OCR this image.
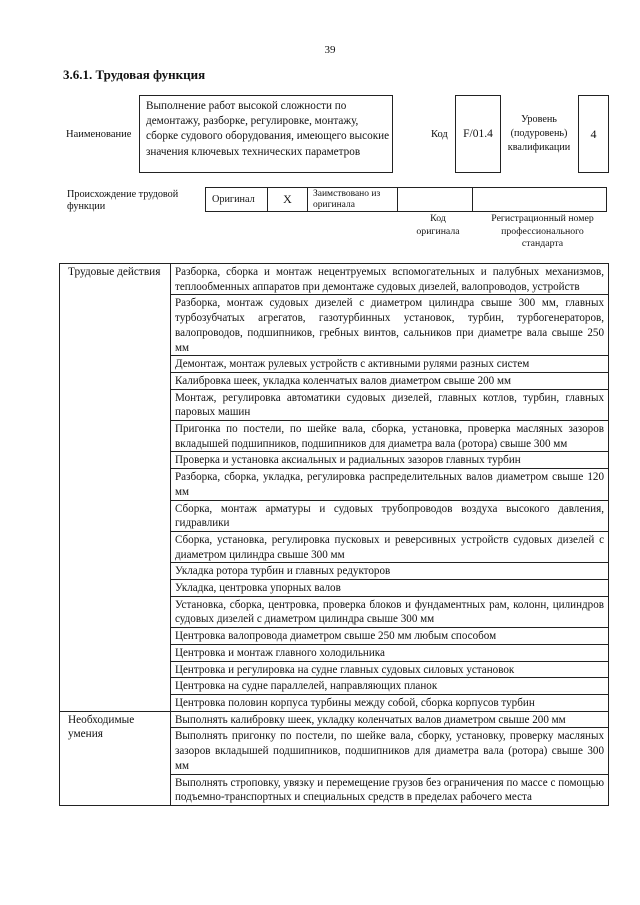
39
3.6.1. Трудовая функция
Наименование
Выполнение работ высокой сложности по демонтажу, разборке, регулировке, монтажу, сборке судового оборудования, имеющего высокие значения ключевых технических параметров
Код	F/01.4
Уровень (подуровень) квалификации
4
Происхождение трудовой функции
Оригинал	X	Заимствовано из оригинала
Код оригинала
Регистрационный номер профессионального стандарта
Трудовые действия	Разборка, сборка и монтаж нецентруемых вспомогательных и палубных механизмов, теплообменных аппаратов при демонтаже судовых дизелей, валопроводов, устройств
	Разборка, монтаж судовых дизелей с диаметром цилиндра свыше 300 мм, главных турбозубчатых агрегатов, газотурбинных установок, турбин, турбогенераторов, валопроводов, подшипников, гребных винтов, сальников при диаметре вала свыше 250 мм
	Демонтаж, монтаж рулевых устройств с активными рулями разных систем
	Калибровка шеек, укладка коленчатых валов диаметром свыше 200 мм
	Монтаж, регулировка автоматики судовых дизелей, главных котлов, турбин, главных паровых машин
	Пригонка по постели, по шейке вала, сборка, установка, проверка масляных зазоров вкладышей подшипников, подшипников для диаметра вала (ротора) свыше 300 мм
	Проверка и установка аксиальных и радиальных зазоров главных турбин
	Разборка, сборка, укладка, регулировка распределительных валов диаметром свыше 120 мм
	Сборка, монтаж арматуры и судовых трубопроводов воздуха высокого давления, гидравлики
	Сборка, установка, регулировка пусковых и реверсивных устройств судовых дизелей с диаметром цилиндра свыше 300 мм
	Укладка ротора турбин и главных редукторов
	Укладка, центровка упорных валов
	Установка, сборка, центровка, проверка блоков и фундаментных рам, колонн, цилиндров судовых дизелей с диаметром цилиндра свыше 300 мм
	Центровка валопровода диаметром свыше 250 мм любым способом
	Центровка и монтаж главного холодильника
	Центровка и регулировка на судне главных судовых силовых установок
	Центровка на судне параллелей, направляющих планок
	Центровка половин корпуса турбины между собой, сборка корпусов турбин
Необходимые умения	Выполнять калибровку шеек, укладку коленчатых валов диаметром свыше 200 мм
	Выполнять пригонку по постели, по шейке вала, сборку, установку, проверку масляных зазоров вкладышей подшипников, подшипников для диаметра вала (ротора) свыше 300 мм
	Выполнять строповку, увязку и перемещение грузов без ограничения по массе с помощью подъемно-транспортных и специальных средств в пределах рабочего места
